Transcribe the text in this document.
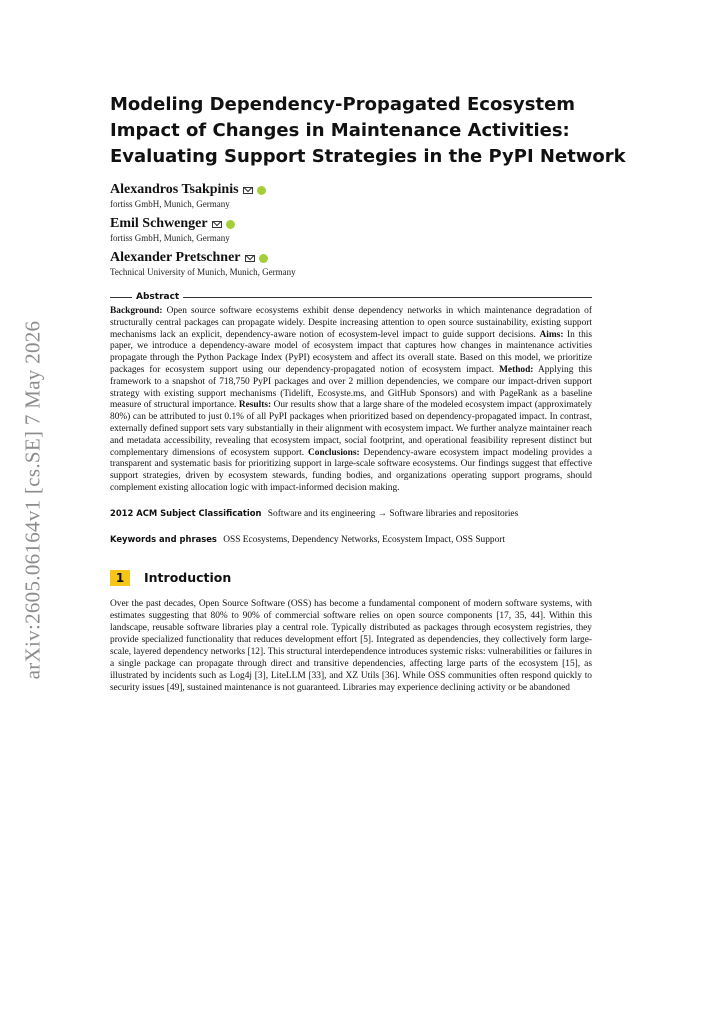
arXiv:2605.06164v1 [cs.SE] 7 May 2026
Modeling Dependency-Propagated Ecosystem
Impact of Changes in Maintenance Activities:
Evaluating Support Strategies in the PyPI Network
Alexandros Tsakpinis
fortiss GmbH, Munich, Germany
Emil Schwenger
fortiss GmbH, Munich, Germany
Alexander Pretschner
Technical University of Munich, Munich, Germany
Abstract

Background: Open source software ecosystems exhibit dense dependency networks in which maintenance degradation of structurally central packages can propagate widely. Despite increasing attention to open source sustainability, existing support mechanisms lack an explicit, dependency-aware notion of ecosystem-level impact to guide support decisions. Aims: In this paper, we introduce a dependency-aware model of ecosystem impact that captures how changes in maintenance activities propagate through the Python Package Index (PyPI) ecosystem and affect its overall state. Based on this model, we prioritize packages for ecosystem support using our dependency-propagated notion of ecosystem impact. Method: Applying this framework to a snapshot of 718,750 PyPI packages and over 2 million dependencies, we compare our impact-driven support strategy with existing support mechanisms (Tidelift, Ecosyste.ms, and GitHub Sponsors) and with PageRank as a baseline measure of structural importance. Results: Our results show that a large share of the modeled ecosystem impact (approximately 80%) can be attributed to just 0.1% of all PyPI packages when prioritized based on dependency-propagated impact. In contrast, externally defined support sets vary substantially in their alignment with ecosystem impact. We further analyze maintainer reach and metadata accessibility, revealing that ecosystem impact, social footprint, and operational feasibility represent distinct but complementary dimensions of ecosystem support. Conclusions: Dependency-aware ecosystem impact modeling provides a transparent and systematic basis for prioritizing support in large-scale software ecosystems. Our findings suggest that effective support strategies, driven by ecosystem stewards, funding bodies, and organizations operating support programs, should complement existing allocation logic with impact-informed decision making.

2012 ACM Subject Classification Software and its engineering → Software libraries and repositories
Keywords and phrases OSS Ecosystems, Dependency Networks, Ecosystem Impact, OSS Support
1	Introduction

Over the past decades, Open Source Software (OSS) has become a fundamental component of modern software systems, with estimates suggesting that 80% to 90% of commercial software relies on open source components [17, 35, 44]. Within this landscape, reusable software libraries play a central role. Typically distributed as packages through ecosystem registries, they provide specialized functionality that reduces development effort [5]. Integrated as dependencies, they collectively form large-scale, layered dependency networks [12]. This structural interdependence introduces systemic risks: vulnerabilities or failures in a single package can propagate through direct and transitive dependencies, affecting large parts of the ecosystem [15], as illustrated by incidents such as Log4j [3], LiteLLM [33], and XZ Utils [36]. While OSS communities often respond quickly to security issues [49], sustained maintenance is not guaranteed. Libraries may experience declining activity or be abandoned
